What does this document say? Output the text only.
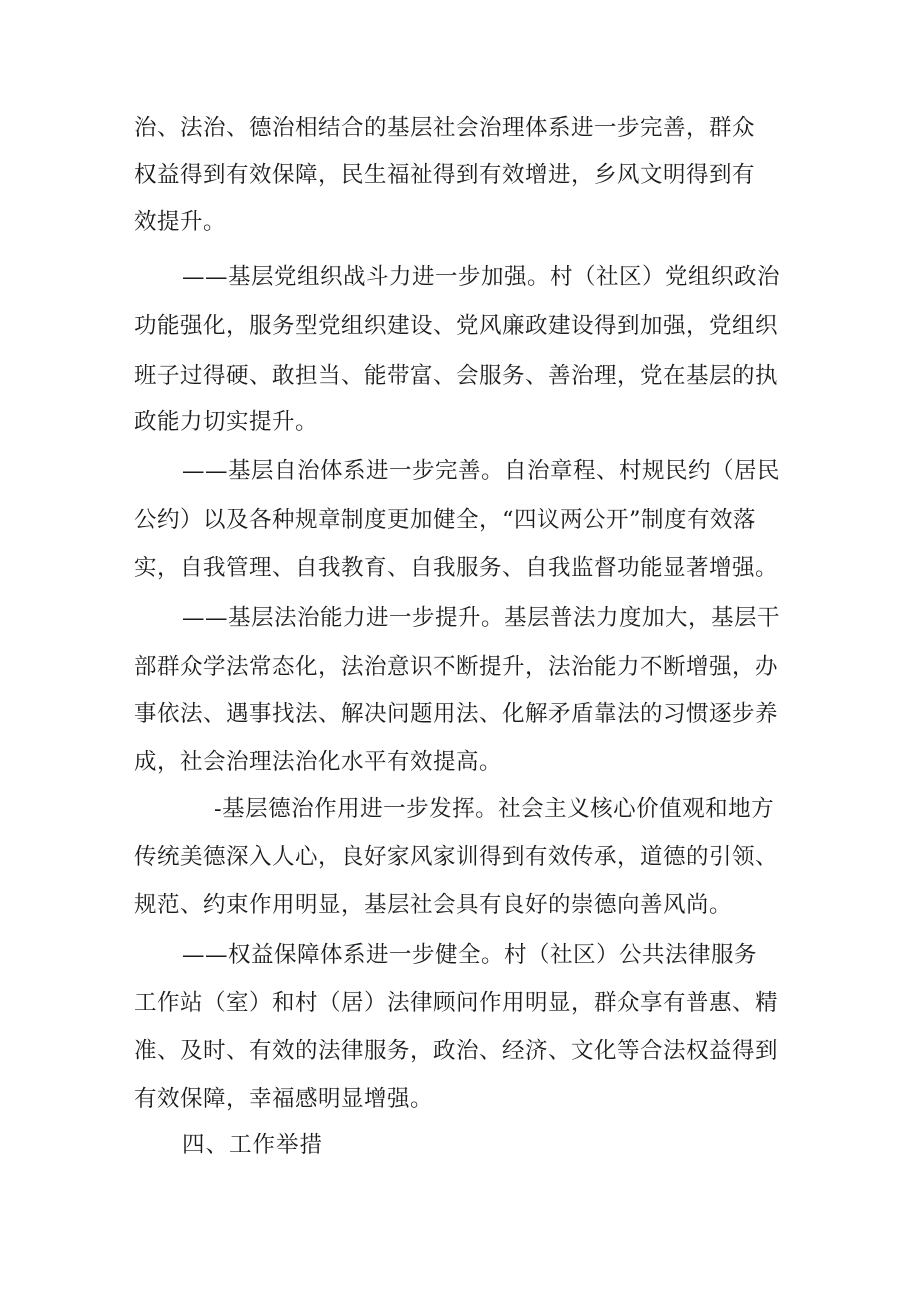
治、法治、德治相结合的基层社会治理体系进一步完善，群众
权益得到有效保障，民生福祉得到有效增进，乡风文明得到有
效提升。
——基层党组织战斗力进一步加强。村（社区）党组织政治
功能强化，服务型党组织建设、党风廉政建设得到加强，党组织
班子过得硬、敢担当、能带富、会服务、善治理，党在基层的执
政能力切实提升。
——基层自治体系进一步完善。自治章程、村规民约（居民
公约）以及各种规章制度更加健全，“四议两公开”制度有效落
实，自我管理、自我教育、自我服务、自我监督功能显著增强。
——基层法治能力进一步提升。基层普法力度加大，基层干
部群众学法常态化，法治意识不断提升，法治能力不断增强，办
事依法、遇事找法、解决问题用法、化解矛盾靠法的习惯逐步养
成，社会治理法治化水平有效提高。
-基层德治作用进一步发挥。社会主义核心价值观和地方
传统美德深入人心，良好家风家训得到有效传承，道德的引领、
规范、约束作用明显，基层社会具有良好的崇德向善风尚。
——权益保障体系进一步健全。村（社区）公共法律服务
工作站（室）和村（居）法律顾问作用明显，群众享有普惠、精
准、及时、有效的法律服务，政治、经济、文化等合法权益得到
有效保障，幸福感明显增强。
四、工作举措
